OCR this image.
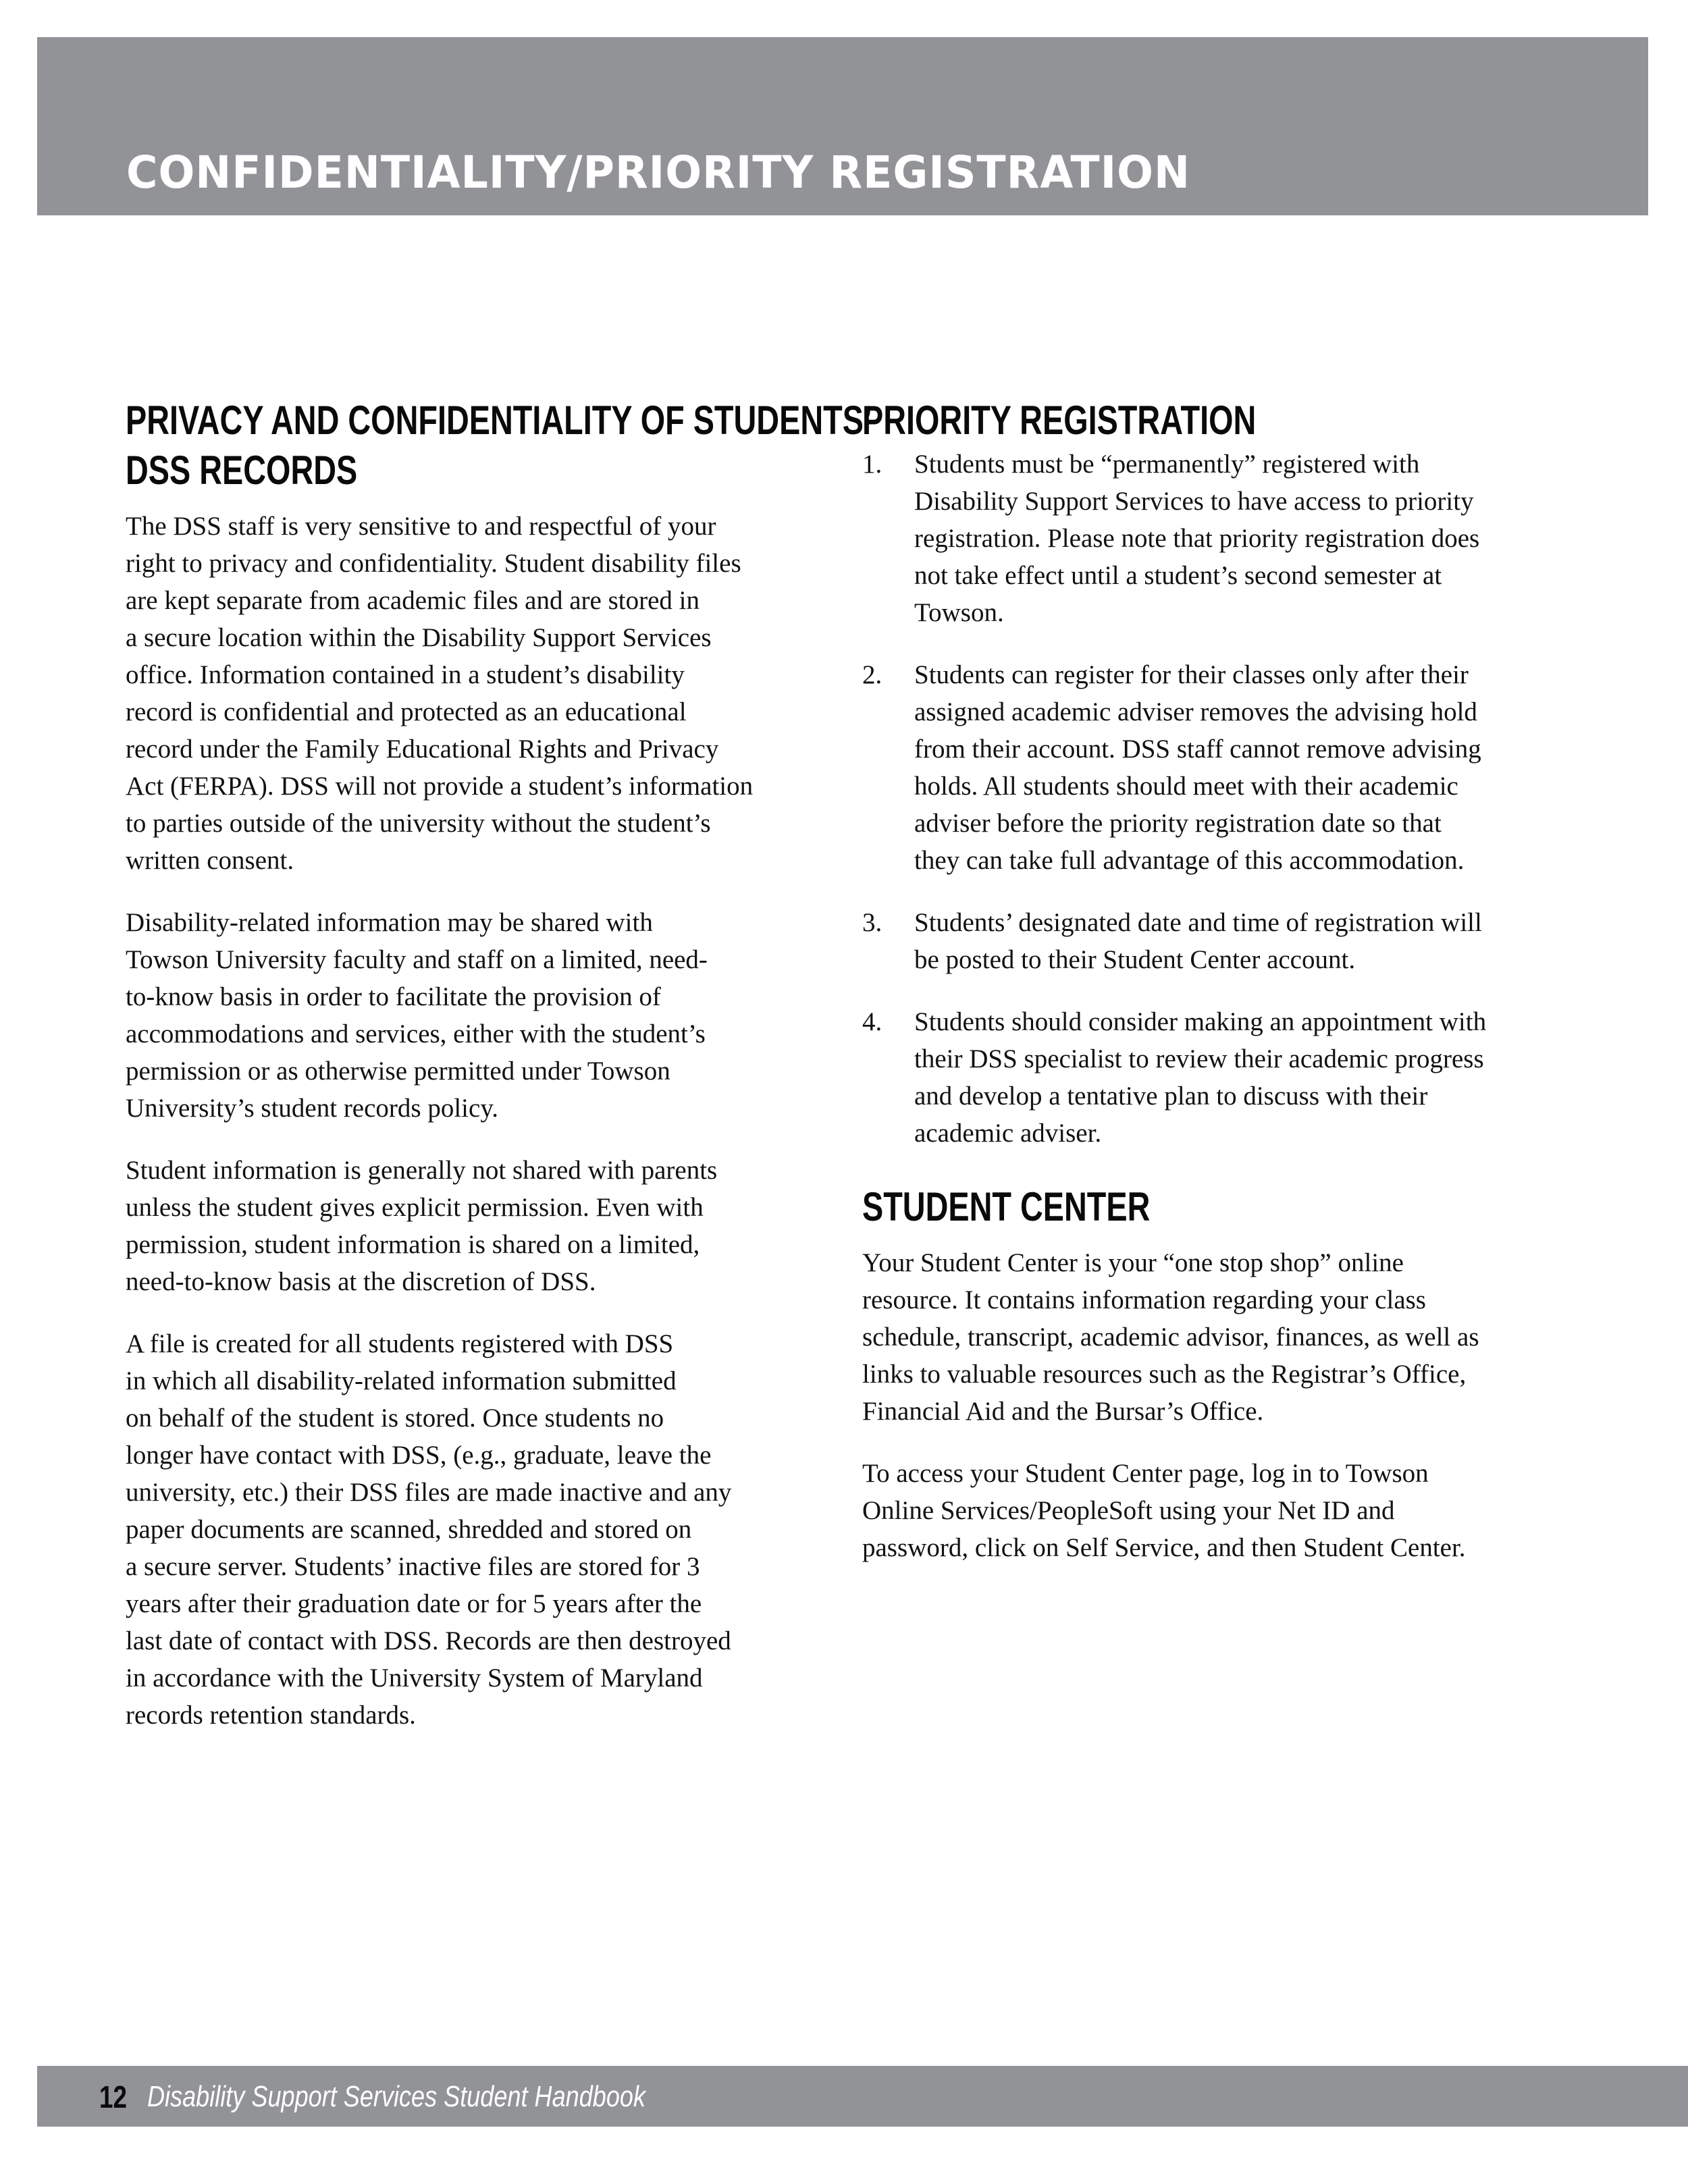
CONFIDENTIALITY/PRIORITY REGISTRATION
PRIVACY AND CONFIDENTIALITY OF STUDENTS’
DSS RECORDS

The DSS staff is very sensitive to and respectful of your
right to privacy and confidentiality. Student disability files
are kept separate from academic files and are stored in
a secure location within the Disability Support Services
office. Information contained in a student’s disability
record is confidential and protected as an educational
record under the Family Educational Rights and Privacy
Act (FERPA). DSS will not provide a student’s information
to parties outside of the university without the student’s
written consent.

Disability-related information may be shared with
Towson University faculty and staff on a limited, need-
to-know basis in order to facilitate the provision of
accommodations and services, either with the student’s
permission or as otherwise permitted under Towson
University’s student records policy.

Student information is generally not shared with parents
unless the student gives explicit permission. Even with
permission, student information is shared on a limited,
need-to-know basis at the discretion of DSS.

A file is created for all students registered with DSS
in which all disability-related information submitted
on behalf of the student is stored. Once students no
longer have contact with DSS, (e.g., graduate, leave the
university, etc.) their DSS files are made inactive and any
paper documents are scanned, shredded and stored on
a secure server. Students’ inactive files are stored for 3
years after their graduation date or for 5 years after the
last date of contact with DSS. Records are then destroyed
in accordance with the University System of Maryland
records retention standards.

PRIORITY REGISTRATION
1. Students must be “permanently” registered with
Disability Support Services to have access to priority
registration. Please note that priority registration does
not take effect until a student’s second semester at
Towson.

2. Students can register for their classes only after their
assigned academic adviser removes the advising hold
from their account. DSS staff cannot remove advising
holds. All students should meet with their academic
adviser before the priority registration date so that
they can take full advantage of this accommodation.

3. Students’ designated date and time of registration will
be posted to their Student Center account.

4. Students should consider making an appointment with
their DSS specialist to review their academic progress
and develop a tentative plan to discuss with their
academic adviser.

STUDENT CENTER

Your Student Center is your “one stop shop” online
resource. It contains information regarding your class
schedule, transcript, academic advisor, finances, as well as
links to valuable resources such as the Registrar’s Office,
Financial Aid and the Bursar’s Office.

To access your Student Center page, log in to Towson
Online Services/PeopleSoft using your Net ID and
password, click on Self Service, and then Student Center.

12 Disability Support Services Student Handbook
